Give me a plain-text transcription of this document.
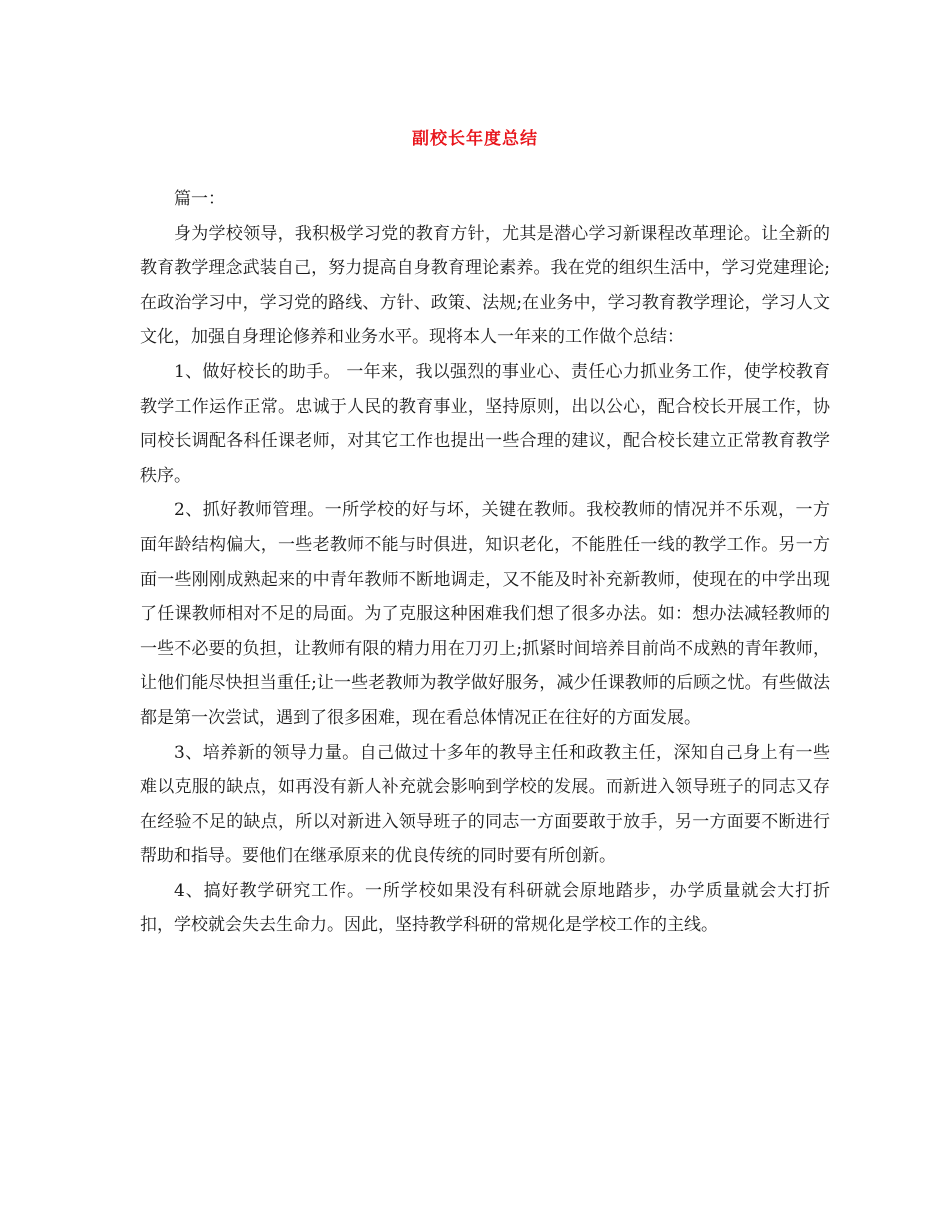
副校长年度总结

篇一：

身为学校领导，我积极学习党的教育方针，尤其是潜心学习新课程改革理论。让全新的教育教学理念武装自己，努力提高自身教育理论素养。我在党的组织生活中，学习党建理论;在政治学习中，学习党的路线、方针、政策、法规;在业务中，学习教育教学理论，学习人文文化，加强自身理论修养和业务水平。现将本人一年来的工作做个总结：

1、做好校长的助手。 一年来，我以强烈的事业心、责任心力抓业务工作，使学校教育教学工作运作正常。忠诚于人民的教育事业，坚持原则，出以公心，配合校长开展工作，协同校长调配各科任课老师，对其它工作也提出一些合理的建议，配合校长建立正常教育教学秩序。

2、抓好教师管理。一所学校的好与坏，关键在教师。我校教师的情况并不乐观，一方面年龄结构偏大，一些老教师不能与时俱进，知识老化，不能胜任一线的教学工作。另一方面一些刚刚成熟起来的中青年教师不断地调走，又不能及时补充新教师，使现在的中学出现了任课教师相对不足的局面。为了克服这种困难我们想了很多办法。如：想办法减轻教师的一些不必要的负担，让教师有限的精力用在刀刃上;抓紧时间培养目前尚不成熟的青年教师，让他们能尽快担当重任;让一些老教师为教学做好服务，减少任课教师的后顾之忧。有些做法都是第一次尝试，遇到了很多困难，现在看总体情况正在往好的方面发展。

3、培养新的领导力量。自己做过十多年的教导主任和政教主任，深知自己身上有一些难以克服的缺点，如再没有新人补充就会影响到学校的发展。而新进入领导班子的同志又存在经验不足的缺点，所以对新进入领导班子的同志一方面要敢于放手，另一方面要不断进行帮助和指导。要他们在继承原来的优良传统的同时要有所创新。

4、搞好教学研究工作。一所学校如果没有科研就会原地踏步，办学质量就会大打折扣，学校就会失去生命力。因此，坚持教学科研的常规化是学校工作的主线。
